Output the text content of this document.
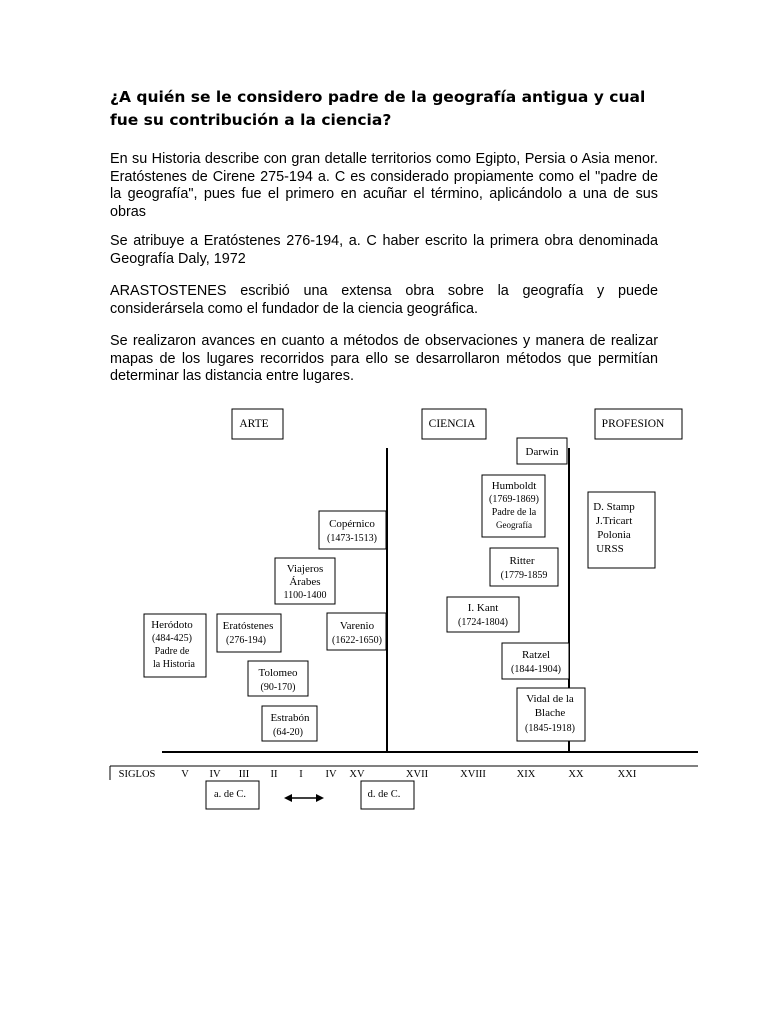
¿A quién se le considero padre de la geografía antigua y cual fue su contribución a la ciencia?

En su Historia describe con gran detalle territorios como Egipto, Persia o Asia menor. Eratóstenes de Cirene 275-194 a. C es considerado propiamente como el "padre de la geografía", pues fue el primero en acuñar el término, aplicándolo a una de sus obras

Se atribuye a Eratóstenes 276-194, a. C haber escrito la primera obra denominada Geografía Daly, 1972

ARASTOSTENES escribió una extensa obra sobre la geografía y puede considerársela como el fundador de la ciencia geográfica.

Se realizaron avances en cuanto a métodos de observaciones y manera de realizar mapas de los lugares recorridos para ello se desarrollaron métodos que permitían determinar las distancia entre lugares.

ARTE	CIENCIA	PROFESION
Darwin
Humboldt
(1769-1869)
Padre de la
Geografía
D. Stamp
J.Tricart
Polonia
URSS
Copérnico
(1473-1513)
Ritter
(1779-1859
Viajeros
Árabes
1100-1400
I. Kant
(1724-1804)
Heródoto
(484-425)
Padre de
la Historia
Eratóstenes
(276-194)
Varenio
(1622-1650)
Ratzel
(1844-1904)
Tolomeo
(90-170)
Vidal de la
Blache
(1845-1918)
Estrabón
(64-20)
SIGLOS V IV III II I IV XV	XVII	XVIII	XIX	XX	XXI
a. de C.	d. de C.
